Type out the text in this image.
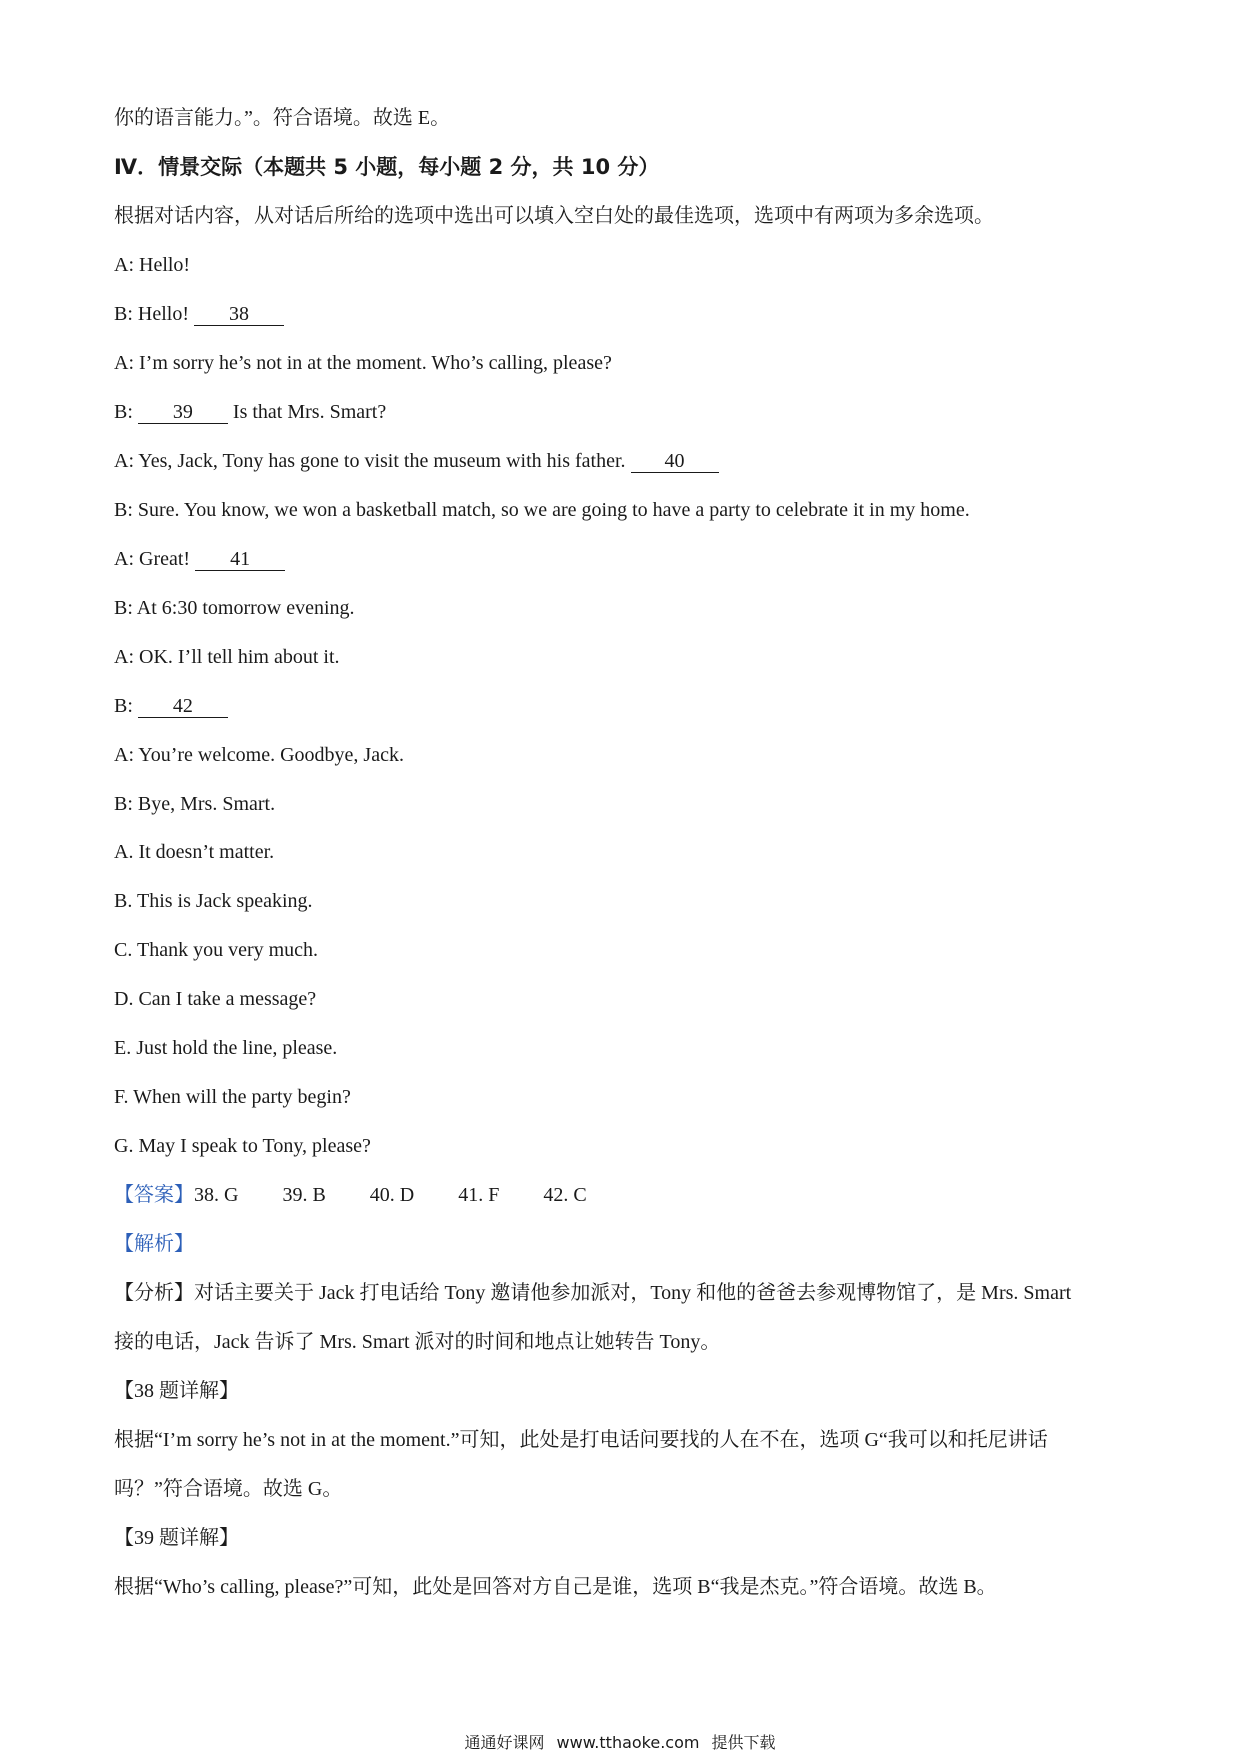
你的语言能力。”。符合语境。故选 E。
Ⅳ．情景交际（本题共 5 小题，每小题 2 分，共 10 分）
根据对话内容，从对话后所给的选项中选出可以填入空白处的最佳选项，选项中有两项为多余选项。
A: Hello!
B: Hello! 38
A: I’m sorry he’s not in at the moment. Who’s calling, please?
B: 39 Is that Mrs. Smart?
A: Yes, Jack, Tony has gone to visit the museum with his father. 40
B: Sure. You know, we won a basketball match, so we are going to have a party to celebrate it in my home.
A: Great! 41
B: At 6:30 tomorrow evening.
A: OK. I’ll tell him about it.
B: 42
A: You’re welcome. Goodbye, Jack.
B: Bye, Mrs. Smart.
A. It doesn’t matter.
B. This is Jack speaking.
C. Thank you very much.
D. Can I take a message?
E. Just hold the line, please.
F. When will the party begin?
G. May I speak to Tony, please?
【答案】38. G 39. B 40. D 41. F 42. C
【解析】
【分析】对话主要关于 Jack 打电话给 Tony 邀请他参加派对，Tony 和他的爸爸去参观博物馆了，是 Mrs. Smart
接的电话，Jack 告诉了 Mrs. Smart 派对的时间和地点让她转告 Tony。
【38 题详解】
根据“I’m sorry he’s not in at the moment.”可知，此处是打电话问要找的人在不在，选项 G“我可以和托尼讲话
吗？”符合语境。故选 G。
【39 题详解】
根据“Who’s calling, please?”可知，此处是回答对方自己是谁，选项 B“我是杰克。”符合语境。故选 B。
通通好课网 www.tthaoke.com 提供下载
